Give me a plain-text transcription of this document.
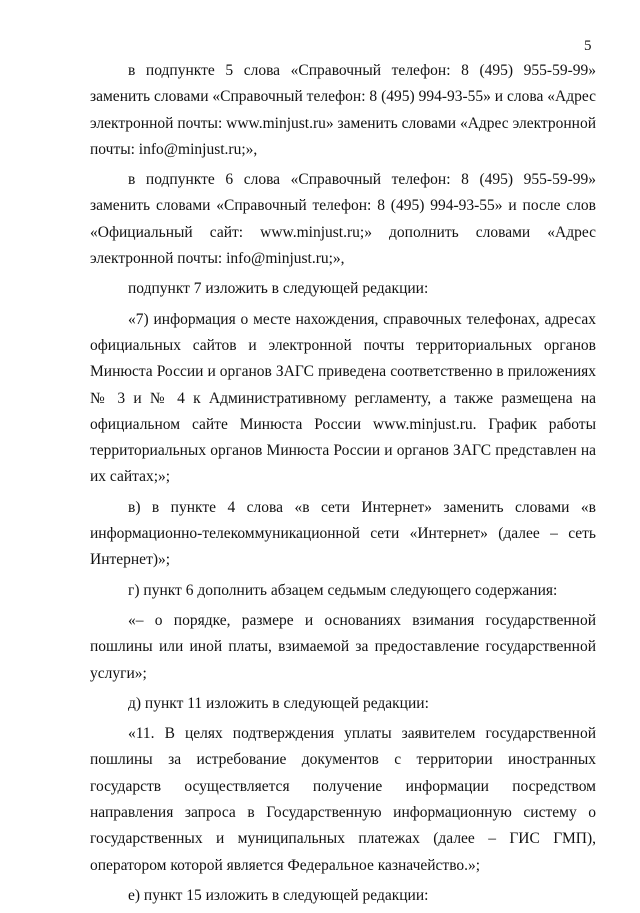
5

в подпункте 5 слова «Справочный телефон: 8 (495) 955-59-99» заменить словами «Справочный телефон: 8 (495) 994-93-55» и слова «Адрес электронной почты: www.minjust.ru» заменить словами «Адрес электронной почты: info@minjust.ru;»,

в подпункте 6 слова «Справочный телефон: 8 (495) 955-59-99» заменить словами «Справочный телефон: 8 (495) 994-93-55» и после слов «Официальный сайт: www.minjust.ru;» дополнить словами «Адрес электронной почты: info@minjust.ru;»,

подпункт 7 изложить в следующей редакции:

«7) информация о месте нахождения, справочных телефонах, адресах официальных сайтов и электронной почты территориальных органов Минюста России и органов ЗАГС приведена соответственно в приложениях № 3 и № 4 к Административному регламенту, а также размещена на официальном сайте Минюста России www.minjust.ru. График работы территориальных органов Минюста России и органов ЗАГС представлен на их сайтах;»;

в) в пункте 4 слова «в сети Интернет» заменить словами «в информационно-телекоммуникационной сети «Интернет» (далее – сеть Интернет)»;

г) пункт 6 дополнить абзацем седьмым следующего содержания:

«– о порядке, размере и основаниях взимания государственной пошлины или иной платы, взимаемой за предоставление государственной услуги»;

д) пункт 11 изложить в следующей редакции:

«11. В целях подтверждения уплаты заявителем государственной пошлины за истребование документов с территории иностранных государств осуществляется получение информации посредством направления запроса в Государственную информационную систему о государственных и муниципальных платежах (далее – ГИС ГМП), оператором которой является Федеральное казначейство.»;

е) пункт 15 изложить в следующей редакции:
